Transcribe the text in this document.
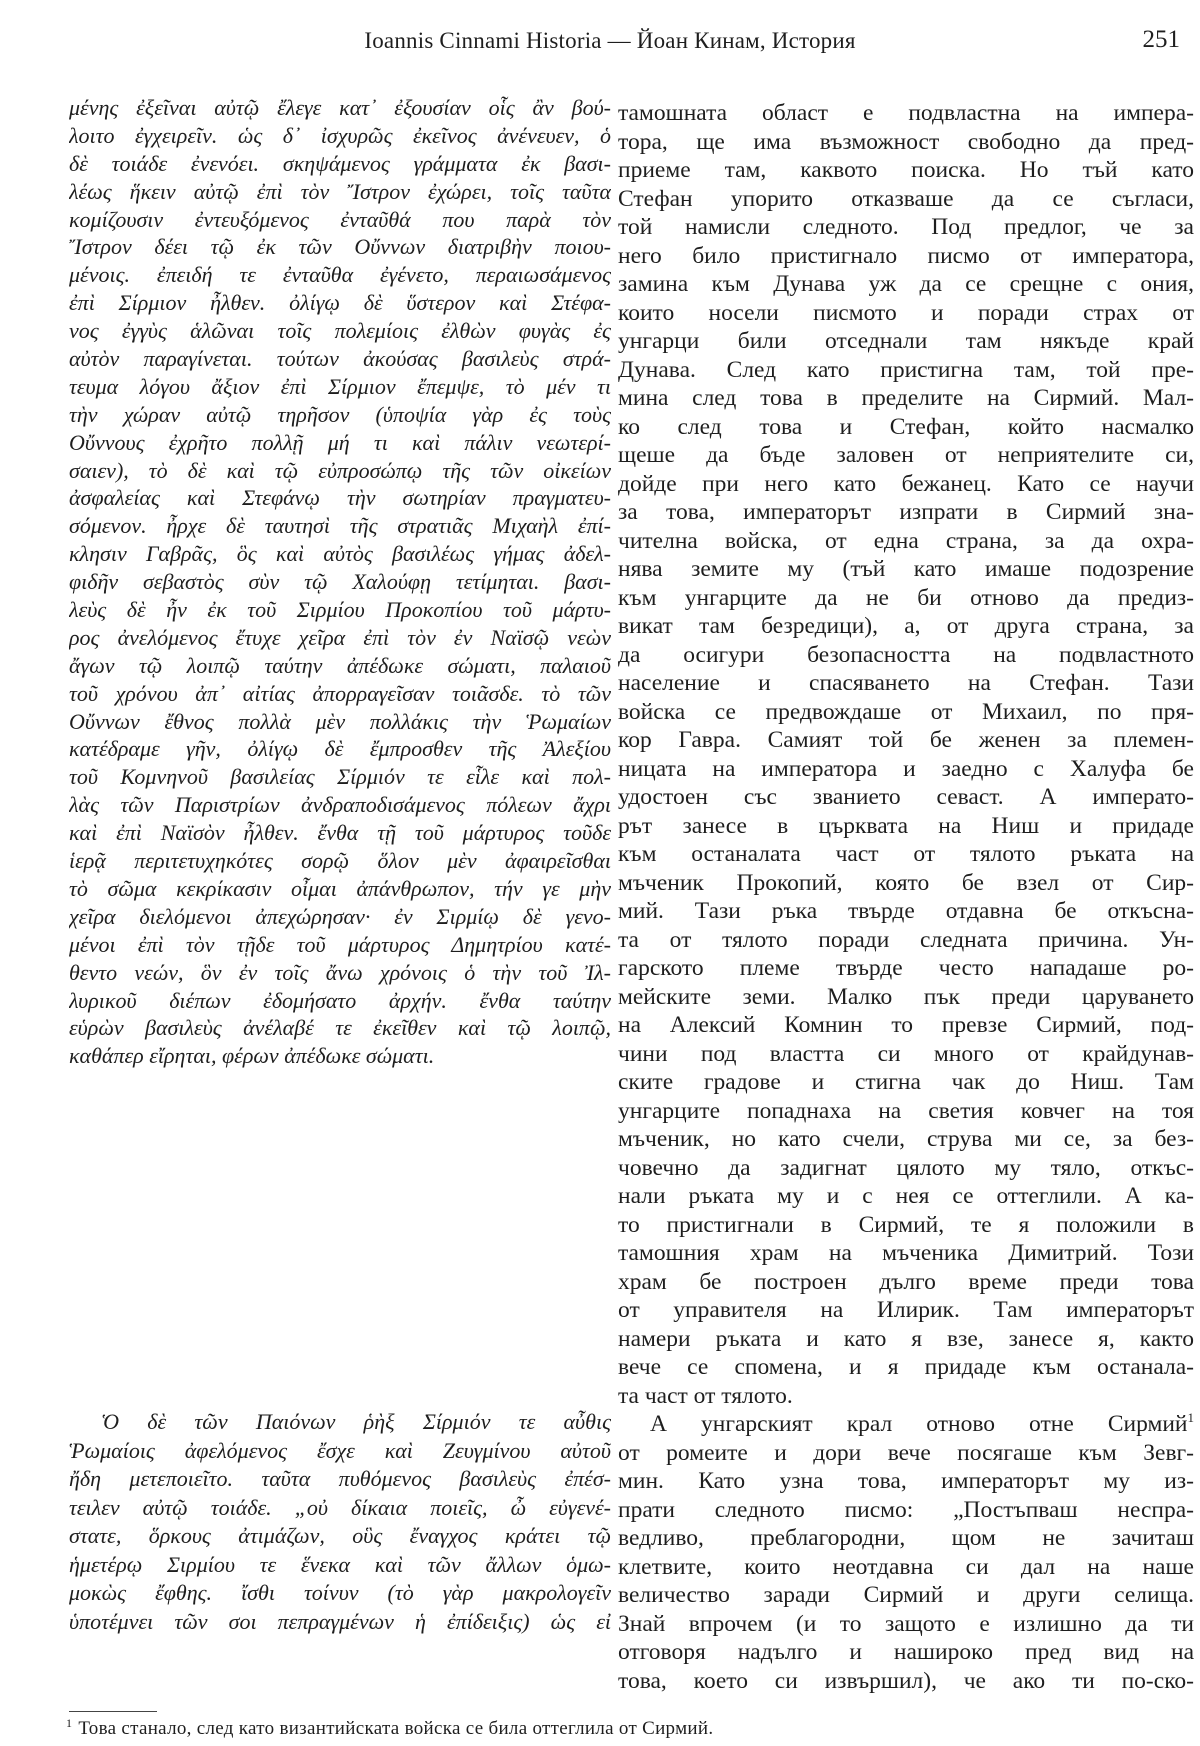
Ioannis Cinnami Historia — Йоан Кинам, История	251
μένης ἐξεῖναι αὐτῷ ἔλεγε κατ᾽ ἐξουσίαν οἷς ἂν βού-
λοιτο ἐγχειρεῖν. ὡς δ᾽ ἰσχυρῶς ἐκεῖνος ἀνένευεν, ὁ
δὲ τοιάδε ἐνενόει. σκηψάμενος γράμματα ἐκ βασι-
λέως ἥκειν αὐτῷ ἐπὶ τὸν Ἴστρον ἐχώρει, τοῖς ταῦτα
κομίζουσιν ἐντευξόμενος ἐνταῦθά που παρὰ τὸν
Ἴστρον δέει τῷ ἐκ τῶν Οὔννων διατριβὴν ποιου-
μένοις. ἐπειδή τε ἐνταῦθα ἐγένετο, περαιωσάμενος
ἐπὶ Σίρμιον ἦλθεν. ὀλίγῳ δὲ ὕστερον καὶ Στέφα-
νος ἐγγὺς ἁλῶναι τοῖς πολεμίοις ἐλθὼν φυγὰς ἐς
αὐτὸν παραγίνεται. τούτων ἀκούσας βασιλεὺς στρά-
τευμα λόγου ἄξιον ἐπὶ Σίρμιον ἔπεμψε, τὸ μέν τι
τὴν χώραν αὐτῷ τηρῆσον (ὑποψία γὰρ ἐς τοὺς
Οὔννους ἐχρῆτο πολλῇ μή τι καὶ πάλιν νεωτερί-
σαιεν), τὸ δὲ καὶ τῷ εὐπροσώπῳ τῆς τῶν οἰκείων
ἀσφαλείας καὶ Στεφάνῳ τὴν σωτηρίαν πραγματευ-
σόμενον. ἦρχε δὲ ταυτησὶ τῆς στρατιᾶς Μιχαὴλ ἐπί-
κλησιν Γαβρᾶς, ὃς καὶ αὐτὸς βασιλέως γήμας ἀδελ-
φιδῆν σεβαστὸς σὺν τῷ Χαλούφῃ τετίμηται. βασι-
λεὺς δὲ ἦν ἐκ τοῦ Σιρμίου Προκοπίου τοῦ μάρτυ-
ρος ἀνελόμενος ἔτυχε χεῖρα ἐπὶ τὸν ἐν Ναϊσῷ νεὼν
ἄγων τῷ λοιπῷ ταύτην ἀπέδωκε σώματι, παλαιοῦ
τοῦ χρόνου ἀπ᾽ αἰτίας ἀπορραγεῖσαν τοιᾶσδε. τὸ τῶν
Οὔννων ἔθνος πολλὰ μὲν πολλάκις τὴν Ῥωμαίων
κατέδραμε γῆν, ὀλίγῳ δὲ ἔμπροσθεν τῆς Ἀλεξίου
τοῦ Κομνηνοῦ βασιλείας Σίρμιόν τε εἷλε καὶ πολ-
λὰς τῶν Παριστρίων ἀνδραποδισάμενος πόλεων ἄχρι
καὶ ἐπὶ Ναϊσὸν ἦλθεν. ἔνθα τῇ τοῦ μάρτυρος τοῦδε
ἱερᾷ περιτετυχηκότες σορῷ ὅλον μὲν ἀφαιρεῖσθαι
τὸ σῶμα κεκρίκασιν οἶμαι ἀπάνθρωπον, τήν γε μὴν
χεῖρα διελόμενοι ἀπεχώρησαν· ἐν Σιρμίῳ δὲ γενο-
μένοι ἐπὶ τὸν τῇδε τοῦ μάρτυρος Δημητρίου κατέ-
θεντο νεών, ὃν ἐν τοῖς ἄνω χρόνοις ὁ τὴν τοῦ Ἰλ-
λυρικοῦ διέπων ἐδομήσατο ἀρχήν. ἔνθα ταύτην
εὑρὼν βασιλεὺς ἀνέλαβέ τε ἐκεῖθεν καὶ τῷ λοιπῷ,
καθάπερ εἴρηται, φέρων ἀπέδωκε σώματι.
Ὁ δὲ τῶν Παιόνων ῥὴξ Σίρμιόν τε αὖθις
Ῥωμαίοις ἀφελόμενος ἔσχε καὶ Ζευγμίνου αὐτοῦ
ἤδη μετεποιεῖτο. ταῦτα πυθόμενος βασιλεὺς ἐπέσ-
τειλεν αὐτῷ τοιάδε. „οὐ δίκαια ποιεῖς, ὦ εὐγενέ-
στατε, ὅρκους ἀτιμάζων, οὓς ἔναγχος κράτει τῷ
ἡμετέρῳ Σιρμίου τε ἕνεκα καὶ τῶν ἄλλων ὁμω-
μοκὼς ἔφθης. ἴσθι τοίνυν (τὸ γὰρ μακρολογεῖν
ὑποτέμνει τῶν σοι πεπραγμένων ἡ ἐπίδειξις) ὡς εἰ
тамошната област е подвластна на импера-
тора, ще има възможност свободно да пред-
приеме там, каквото поиска. Но тъй като
Стефан упорито отказваше да се съгласи,
той намисли следното. Под предлог, че за
него било пристигнало писмо от императора,
замина към Дунава уж да се срещне с ония,
които носели писмото и поради страх от
унгарци били отседнали там някъде край
Дунава. След като пристигна там, той пре-
мина след това в пределите на Сирмий. Мал-
ко след това и Стефан, който насмалко
щеше да бъде заловен от неприятелите си,
дойде при него като бежанец. Като се научи
за това, императорът изпрати в Сирмий зна-
чителна войска, от една страна, за да охра-
нява земите му (тъй като имаше подозрение
към унгарците да не би отново да предиз-
викат там безредици), а, от друга страна, за
да осигури безопасността на подвластното
население и спасяването на Стефан. Тази
войска се предвождаше от Михаил, по пря-
кор Гавра. Самият той бе женен за племен-
ницата на императора и заедно с Халуфа бе
удостоен със званието севаст. А императо-
рът занесе в църквата на Ниш и придаде
към останалата част от тялото ръката на
мъченик Прокопий, която бе взел от Сир-
мий. Тази ръка твърде отдавна бе откъсна-
та от тялото поради следната причина. Ун-
гарското племе твърде често нападаше ро-
мейските земи. Малко пък преди царуването
на Алексий Комнин то превзе Сирмий, под-
чини под властта си много от крайдунав-
ските градове и стигна чак до Ниш. Там
унгарците попаднаха на светия ковчег на тоя
мъченик, но като счели, струва ми се, за без-
човечно да задигнат цялото му тяло, откъс-
нали ръката му и с нея се оттеглили. А ка-
то пристигнали в Сирмий, те я положили в
тамошния храм на мъченика Димитрий. Този
храм бе построен дълго време преди това
от управителя на Илирик. Там императорът
намери ръката и като я взе, занесе я, както
вече се спомена, и я придаде към останала-
та част от тялото.
А унгарският крал отново отне Сирмий$^1$
от ромеите и дори вече посягаше към Зевг-
мин. Като узна това, императорът му из-
прати следното писмо: „Постъпваш неспра-
ведливо, преблагородни, щом не зачиташ
клетвите, които неотдавна си дал на наше
величество заради Сирмий и други селища.
Знай впрочем (и то защото е излишно да ти
отговоря надълго и нашироко пред вид на
това, което си извършил), че ако ти по-ско-
$^1$ Това станало, след като византийската войска се била оттеглила от Сирмий.
